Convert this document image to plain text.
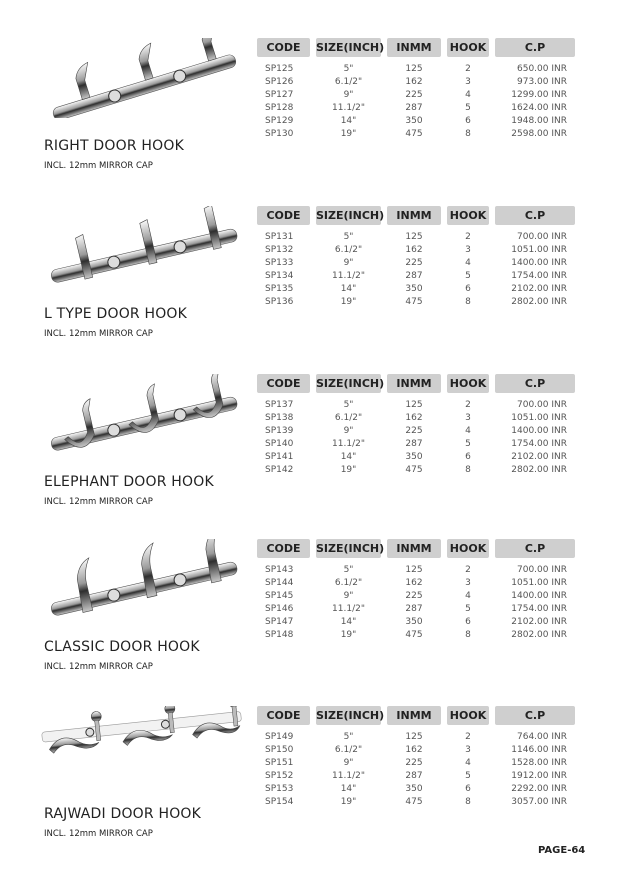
RIGHT DOOR HOOK
INCL. 12mm MIRROR CAP
CODE	SIZE(INCH)	INMM	HOOK	C.P
SP125	5"	125	2	650.00 INR
SP126	6.1/2"	162	3	973.00 INR
SP127	9"	225	4	1299.00 INR
SP128	11.1/2"	287	5	1624.00 INR
SP129	14"	350	6	1948.00 INR
SP130	19"	475	8	2598.00 INR
L TYPE DOOR HOOK
INCL. 12mm MIRROR CAP
CODE	SIZE(INCH)	INMM	HOOK	C.P
SP131	5"	125	2	700.00 INR
SP132	6.1/2"	162	3	1051.00 INR
SP133	9"	225	4	1400.00 INR
SP134	11.1/2"	287	5	1754.00 INR
SP135	14"	350	6	2102.00 INR
SP136	19"	475	8	2802.00 INR
ELEPHANT DOOR HOOK
INCL. 12mm MIRROR CAP
CODE	SIZE(INCH)	INMM	HOOK	C.P
SP137	5"	125	2	700.00 INR
SP138	6.1/2"	162	3	1051.00 INR
SP139	9"	225	4	1400.00 INR
SP140	11.1/2"	287	5	1754.00 INR
SP141	14"	350	6	2102.00 INR
SP142	19"	475	8	2802.00 INR
CLASSIC DOOR HOOK
INCL. 12mm MIRROR CAP
CODE	SIZE(INCH)	INMM	HOOK	C.P
SP143	5"	125	2	700.00 INR
SP144	6.1/2"	162	3	1051.00 INR
SP145	9"	225	4	1400.00 INR
SP146	11.1/2"	287	5	1754.00 INR
SP147	14"	350	6	2102.00 INR
SP148	19"	475	8	2802.00 INR
RAJWADI DOOR HOOK
INCL. 12mm MIRROR CAP
CODE	SIZE(INCH)	INMM	HOOK	C.P
SP149	5"	125	2	764.00 INR
SP150	6.1/2"	162	3	1146.00 INR
SP151	9"	225	4	1528.00 INR
SP152	11.1/2"	287	5	1912.00 INR
SP153	14"	350	6	2292.00 INR
SP154	19"	475	8	3057.00 INR
PAGE-64
